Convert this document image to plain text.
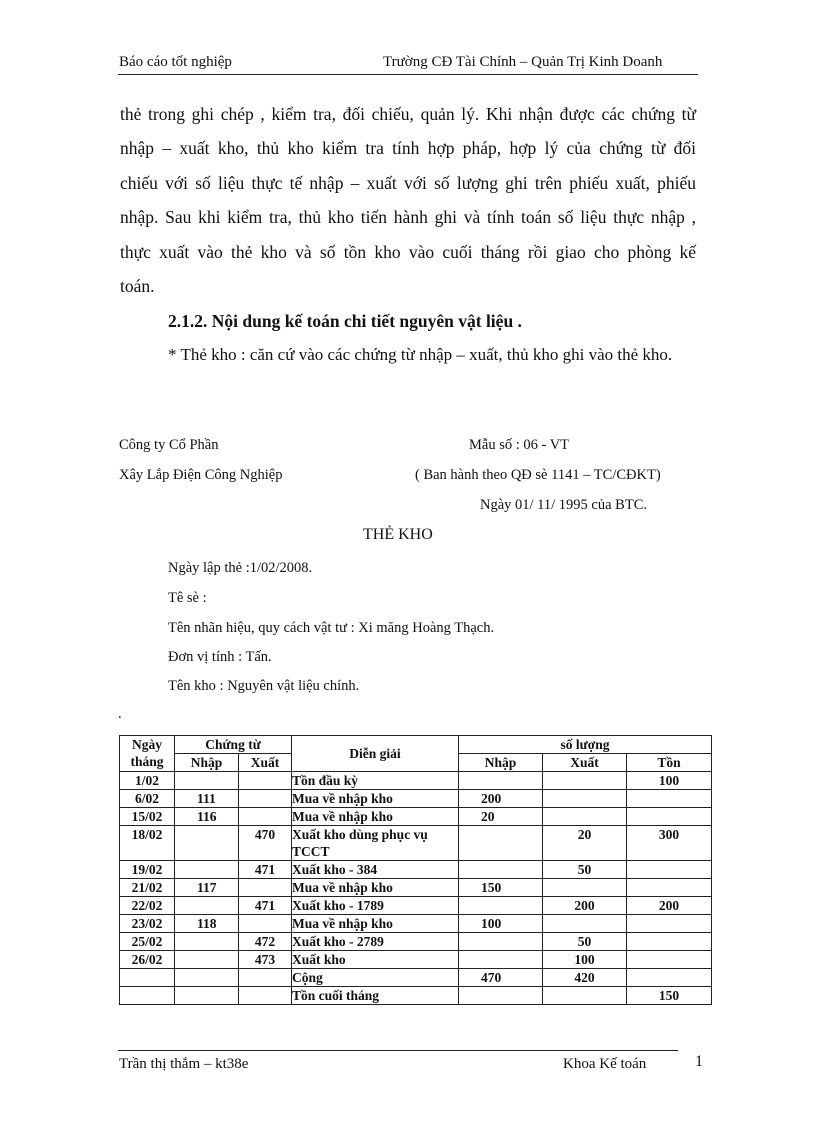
Báo cáo tốt nghiệp	Trường CĐ Tài Chính – Quản Trị Kinh Doanh
thẻ trong ghi chép , kiểm tra, đối chiếu, quản lý. Khi nhận được các chứng từ
nhập – xuất kho, thủ kho kiểm tra tính hợp pháp, hợp lý của chứng từ đối
chiếu với số liệu thực tế nhập – xuất với số lượng ghi trên phiếu xuất, phiếu
nhập. Sau khi kiểm tra, thủ kho tiến hành ghi và tính toán số liệu thực nhập ,
thực xuất vào thẻ kho và số tồn kho vào cuối tháng rồi giao cho phòng kế
toán.
2.1.2. Nội dung kế toán chi tiết nguyên vật liệu .
* Thẻ kho : căn cứ vào các chứng từ nhập – xuất, thủ kho ghi vào thẻ kho.
Công ty Cổ Phần
Xây Lắp Điện Công Nghiệp
Mẫu số : 06 - VT
( Ban hành theo QĐ sè 1141 – TC/CĐKT)
Ngày 01/ 11/ 1995 của BTC.
THẺ KHO
Ngày lập thẻ :1/02/2008.
Tê sè :
Tên nhãn hiệu, quy cách vật tư : Xi măng Hoàng Thạch.
Đơn vị tính : Tấn.
Tên kho : Nguyên vật liệu chính.
.
Ngày
tháng	Chứng từ		Diễn giải	số lượng		
	Nhập	Xuất		Nhập	Xuất	Tồn
1/02			Tồn đầu kỳ			100
6/02	111		Mua về nhập kho	200		
15/02	116		Mua về nhập kho	20		
18/02		470	Xuất kho dùng phục vụ TCCT		20	300
19/02		471	Xuất kho - 384		50	
21/02	117		Mua về nhập kho	150		
22/02		471	Xuất kho - 1789		200	200
23/02	118		Mua về nhập kho	100		
25/02		472	Xuất kho - 2789		50	
26/02		473	Xuất kho		100	
			Cộng	470	420	
			Tồn cuối tháng			150
Trần thị thắm – kt38e	Khoa Kế toán	1
